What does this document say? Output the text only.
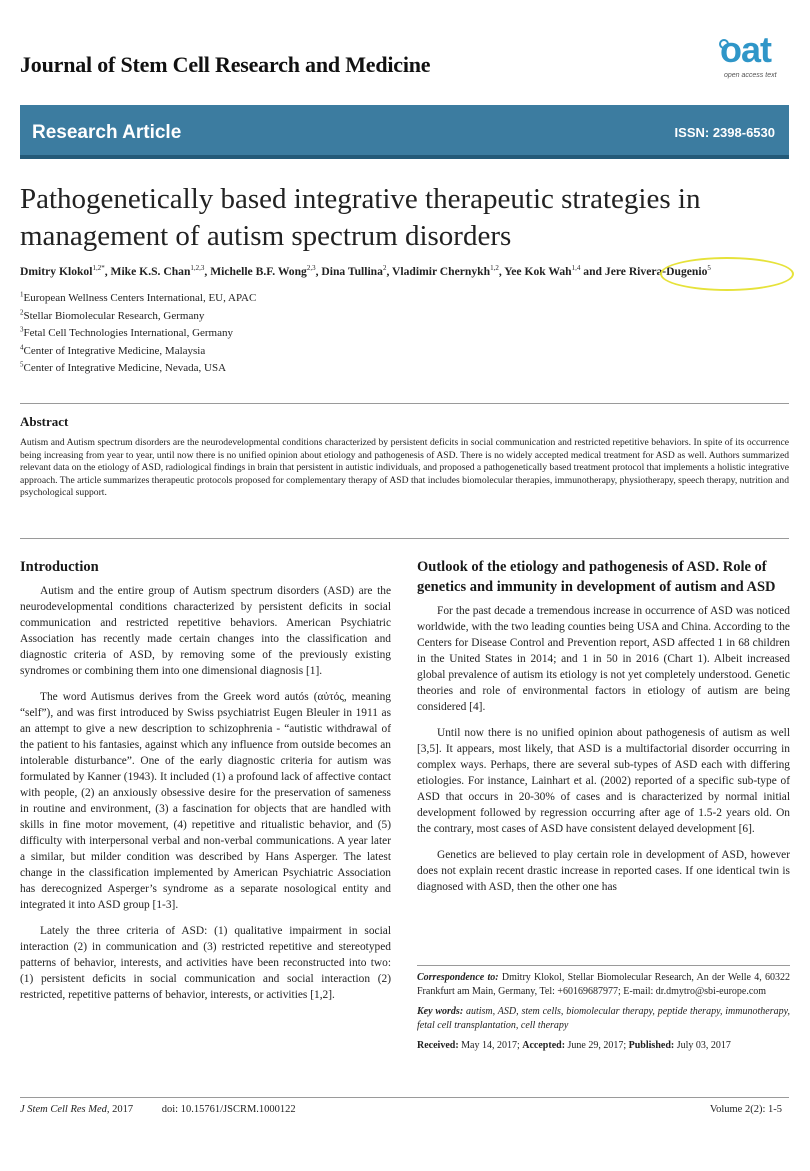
Journal of Stem Cell Research and Medicine	oat
open access text
Research Article	ISSN: 2398-6530
Pathogenetically based integrative therapeutic strategies in management of autism spectrum disorders
Dmitry Klokol$^{1,2*}$, Mike K.S. Chan$^{1,2,3}$, Michelle B.F. Wong$^{2,3}$, Dina Tullina$^2$, Vladimir Chernykh$^{1,2}$, Yee Kok Wah$^{1,4}$ and Jere Rivera-Dugenio$^5$
$^1$European Wellness Centers International, EU, APAC
$^2$Stellar Biomolecular Research, Germany
$^3$Fetal Cell Technologies International, Germany
$^4$Center of Integrative Medicine, Malaysia
$^5$Center of Integrative Medicine, Nevada, USA
Abstract

Autism and Autism spectrum disorders are the neurodevelopmental conditions characterized by persistent deficits in social communication and restricted repetitive behaviors. In spite of its occurrence being increasing from year to year, until now there is no unified opinion about etiology and pathogenesis of ASD. There is no widely accepted medical treatment for ASD as well. Authors summarized relevant data on the etiology of ASD, radiological findings in brain that persistent in autistic individuals, and proposed a pathogenetically based treatment protocol that implements a holistic integrative approach. The article summarizes therapeutic protocols proposed for complementary therapy of ASD that includes biomolecular therapies, immunotherapy, physiotherapy, speech therapy, nutrition and psychological support.

Introduction

Autism and the entire group of Autism spectrum disorders (ASD) are the neurodevelopmental conditions characterized by persistent deficits in social communication and restricted repetitive behaviors. American Psychiatric Association has recently made certain changes into the classification and diagnostic criteria of ASD, by removing some of the previously existing syndromes or combining them into one dimensional diagnosis [1].

The word Autismus derives from the Greek word autós (αὐτός, meaning “self”), and was first introduced by Swiss psychiatrist Eugen Bleuler in 1911 as an attempt to give a new description to schizophrenia - “autistic withdrawal of the patient to his fantasies, against which any influence from outside becomes an intolerable disturbance”. One of the early diagnostic criteria for autism was formulated by Kanner (1943). It included (1) a profound lack of affective contact with people, (2) an anxiously obsessive desire for the preservation of sameness in routine and environment, (3) a fascination for objects that are handled with skills in fine motor movement, (4) repetitive and ritualistic behavior, and (5) difficulty with interpersonal verbal and non-verbal communications. A year later a similar, but milder condition was described by Hans Asperger. The latest change in the classification implemented by American Psychiatric Association has derecognized Asperger’s syndrome as a separate nosological entity and integrated it into ASD group [1-3].

Lately the three criteria of ASD: (1) qualitative impairment in social interaction (2) in communication and (3) restricted repetitive and stereotyped patterns of behavior, interests, and activities have been reconstructed into two: (1) persistent deficits in social communication and social interaction (2) restricted, repetitive patterns of behavior, interests, or activities [1,2].

Outlook of the etiology and pathogenesis of ASD. Role of genetics and immunity in development of autism and ASD

For the past decade a tremendous increase in occurrence of ASD was noticed worldwide, with the two leading counties being USA and China. According to the Centers for Disease Control and Prevention report, ASD affected 1 in 68 children in the United States in 2014; and 1 in 50 in 2016 (Chart 1). Albeit increased global prevalence of autism its etiology is not yet completely understood. Genetic theories and role of environmental factors in etiology of autism are being considered [4].

Until now there is no unified opinion about pathogenesis of autism as well [3,5]. It appears, most likely, that ASD is a multifactorial disorder occurring in complex ways. Perhaps, there are several sub-types of ASD each with differing etiologies. For instance, Lainhart et al. (2002) reported of a specific sub-type of ASD that occurs in 20-30% of cases and is characterized by normal initial development followed by regression occurring after age of 1.5-2 years old. On the contrary, most cases of ASD have consistent delayed development [6].

Genetics are believed to play certain role in development of ASD, however does not explain recent drastic increase in reported cases. If one identical twin is diagnosed with ASD, then the other one has

Correspondence to: Dmitry Klokol, Stellar Biomolecular Research, An der Welle 4, 60322 Frankfurt am Main, Germany, Tel: +60169687977; E-mail: dr.dmytro@sbi-europe.com

Key words: autism, ASD, stem cells, biomolecular therapy, peptide therapy, immunotherapy, fetal cell transplantation, cell therapy

Received: May 14, 2017; Accepted: June 29, 2017; Published: July 03, 2017

J Stem Cell Res Med, 2017	doi: 10.15761/JSCRM.1000122	Volume 2(2): 1-5
